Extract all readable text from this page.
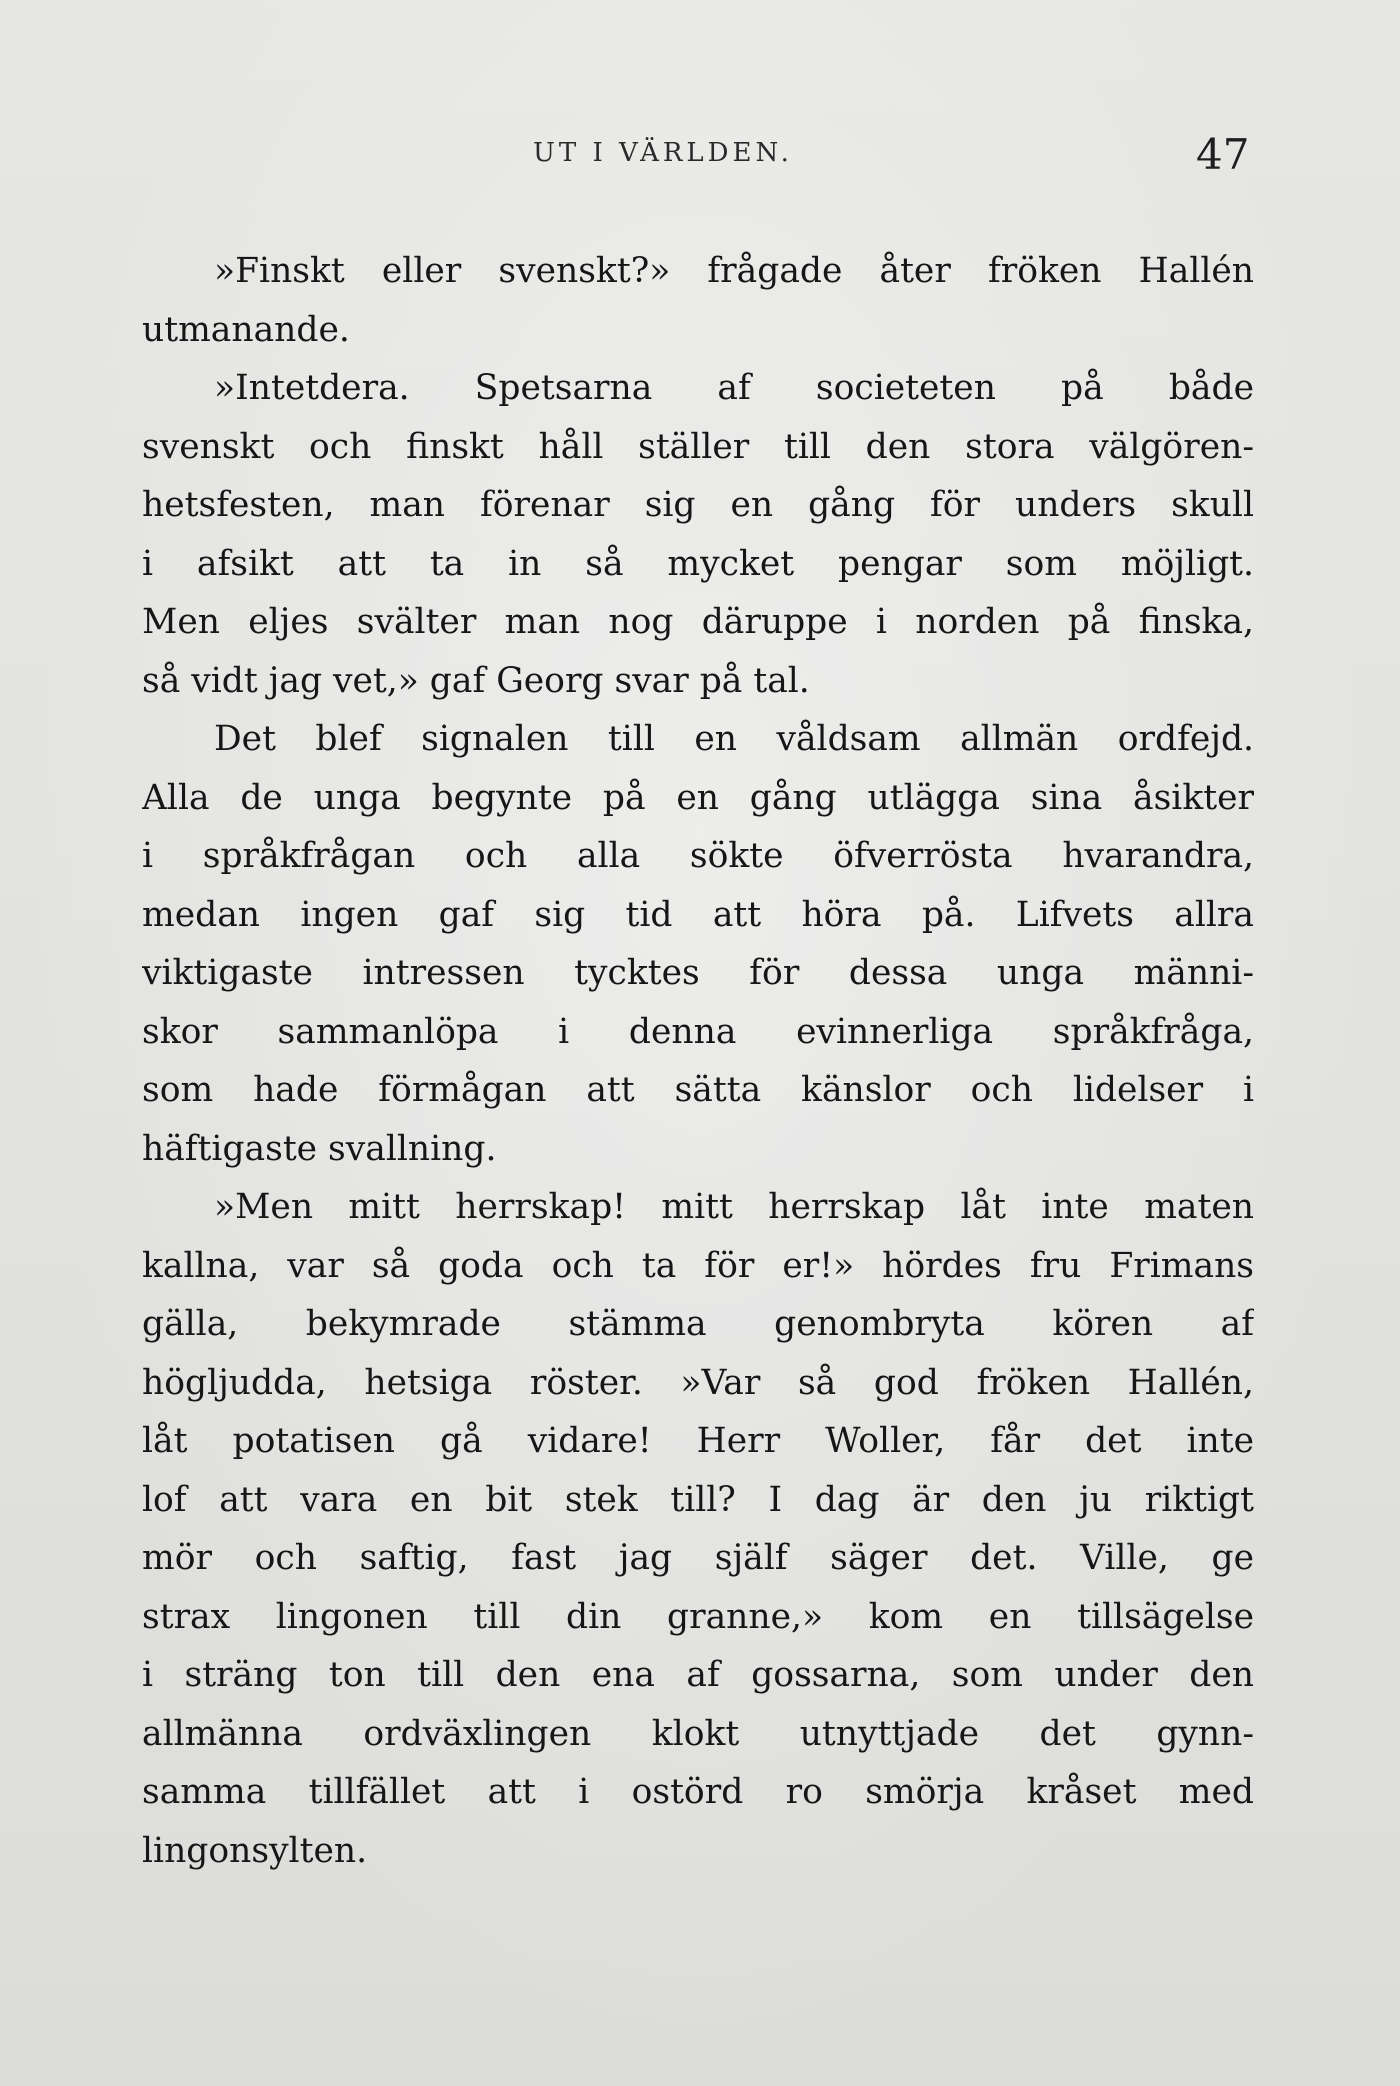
UT I VÄRLDEN.	47
»Finskt eller svenskt?» frågade åter fröken Hallén
utmanande.
»Intetdera. Spetsarna af societeten på både
svenskt och finskt håll ställer till den stora välgören-
hetsfesten, man förenar sig en gång för unders skull
i afsikt att ta in så mycket pengar som möjligt.
Men eljes svälter man nog däruppe i norden på finska,
så vidt jag vet,» gaf Georg svar på tal.
Det blef signalen till en våldsam allmän ordfejd.
Alla de unga begynte på en gång utlägga sina åsikter
i språkfrågan och alla sökte öfverrösta hvarandra,
medan ingen gaf sig tid att höra på. Lifvets allra
viktigaste intressen tycktes för dessa unga männi-
skor sammanlöpa i denna evinnerliga språkfråga,
som hade förmågan att sätta känslor och lidelser i
häftigaste svallning.
»Men mitt herrskap! mitt herrskap låt inte maten
kallna, var så goda och ta för er!» hördes fru Frimans
gälla, bekymrade stämma genombryta kören af
högljudda, hetsiga röster. »Var så god fröken Hallén,
låt potatisen gå vidare! Herr Woller, får det inte
lof att vara en bit stek till? I dag är den ju riktigt
mör och saftig, fast jag själf säger det. Ville, ge
strax lingonen till din granne,» kom en tillsägelse
i sträng ton till den ena af gossarna, som under den
allmänna ordväxlingen klokt utnyttjade det gynn-
samma tillfället att i ostörd ro smörja kråset med
lingonsylten.
